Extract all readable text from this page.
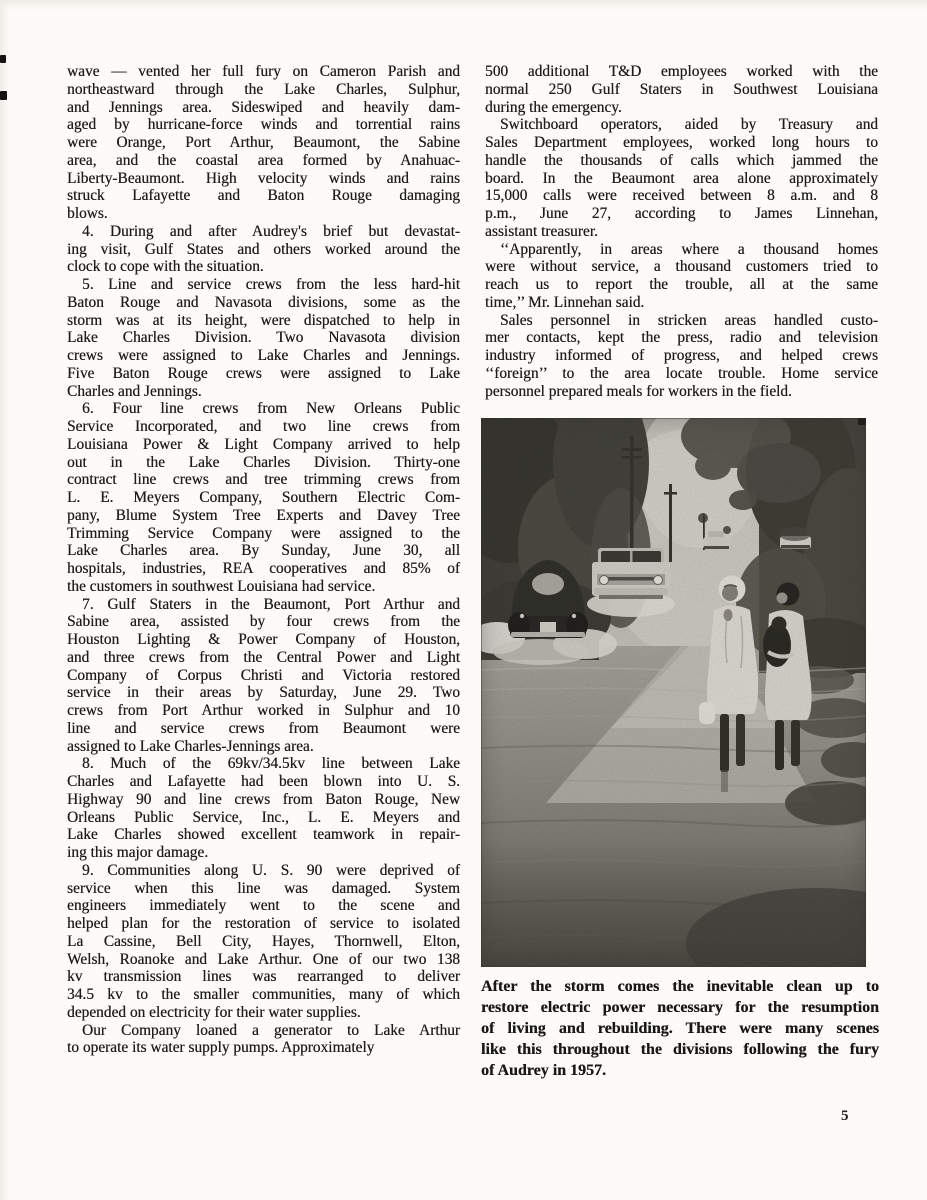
wave — vented her full fury on Cameron Parish and
northeastward through the Lake Charles, Sulphur,
and Jennings area. Sideswiped and heavily dam-
aged by hurricane-force winds and torrential rains
were Orange, Port Arthur, Beaumont, the Sabine
area, and the coastal area formed by Anahuac-
Liberty-Beaumont. High velocity winds and rains
struck Lafayette and Baton Rouge damaging
blows.
4. During and after Audrey's brief but devastat-
ing visit, Gulf States and others worked around the
clock to cope with the situation.
5. Line and service crews from the less hard-hit
Baton Rouge and Navasota divisions, some as the
storm was at its height, were dispatched to help in
Lake Charles Division. Two Navasota division
crews were assigned to Lake Charles and Jennings.
Five Baton Rouge crews were assigned to Lake
Charles and Jennings.
6. Four line crews from New Orleans Public
Service Incorporated, and two line crews from
Louisiana Power & Light Company arrived to help
out in the Lake Charles Division. Thirty-one
contract line crews and tree trimming crews from
L. E. Meyers Company, Southern Electric Com-
pany, Blume System Tree Experts and Davey Tree
Trimming Service Company were assigned to the
Lake Charles area. By Sunday, June 30, all
hospitals, industries, REA cooperatives and 85% of
the customers in southwest Louisiana had service.
7. Gulf Staters in the Beaumont, Port Arthur and
Sabine area, assisted by four crews from the
Houston Lighting & Power Company of Houston,
and three crews from the Central Power and Light
Company of Corpus Christi and Victoria restored
service in their areas by Saturday, June 29. Two
crews from Port Arthur worked in Sulphur and 10
line and service crews from Beaumont were
assigned to Lake Charles-Jennings area.
8. Much of the 69kv/34.5kv line between Lake
Charles and Lafayette had been blown into U. S.
Highway 90 and line crews from Baton Rouge, New
Orleans Public Service, Inc., L. E. Meyers and
Lake Charles showed excellent teamwork in repair-
ing this major damage.
9. Communities along U. S. 90 were deprived of
service when this line was damaged. System
engineers immediately went to the scene and
helped plan for the restoration of service to isolated
La Cassine, Bell City, Hayes, Thornwell, Elton,
Welsh, Roanoke and Lake Arthur. One of our two 138
kv transmission lines was rearranged to deliver
34.5 kv to the smaller communities, many of which
depended on electricity for their water supplies.
Our Company loaned a generator to Lake Arthur
to operate its water supply pumps. Approximately
500 additional T&D employees worked with the
normal 250 Gulf Staters in Southwest Louisiana
during the emergency.
Switchboard operators, aided by Treasury and
Sales Department employees, worked long hours to
handle the thousands of calls which jammed the
board. In the Beaumont area alone approximately
15,000 calls were received between 8 a.m. and 8
p.m., June 27, according to James Linnehan,
assistant treasurer.
‘‘Apparently, in areas where a thousand homes
were without service, a thousand customers tried to
reach us to report the trouble, all at the same
time,’’ Mr. Linnehan said.
Sales personnel in stricken areas handled custo-
mer contacts, kept the press, radio and television
industry informed of progress, and helped crews
‘‘foreign’’ to the area locate trouble. Home service
personnel prepared meals for workers in the field.
After the storm comes the inevitable clean up to
restore electric power necessary for the resumption
of living and rebuilding. There were many scenes
like this throughout the divisions following the fury
of Audrey in 1957.
5
